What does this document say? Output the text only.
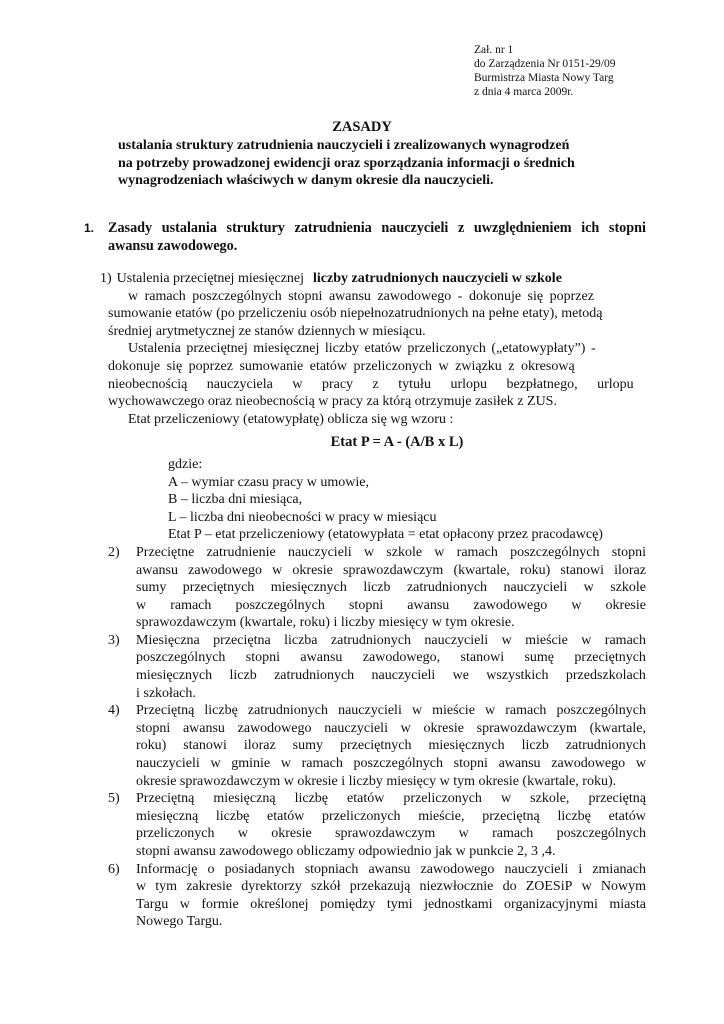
Zał. nr 1
do Zarządzenia Nr 0151-29/09
Burmistrza Miasta Nowy Targ
z dnia 4 marca 2009r.
ZASADY
ustalania struktury zatrudnienia nauczycieli i zrealizowanych wynagrodzeń
na potrzeby prowadzonej ewidencji oraz sporządzania informacji o średnich
wynagrodzeniach właściwych w danym okresie dla nauczycieli.
1. Zasady ustalania struktury zatrudnienia nauczycieli z uwzględnieniem ich stopni awansu zawodowego.
1) Ustalenia przeciętnej miesięcznej liczby zatrudnionych nauczycieli w szkole
w ramach poszczególnych stopni awansu zawodowego - dokonuje się poprzez
sumowanie etatów (po przeliczeniu osób niepełnozatrudnionych na pełne etaty), metodą
średniej arytmetycznej ze stanów dziennych w miesiącu.
Ustalenia przeciętnej miesięcznej liczby etatów przeliczonych („etatowypłaty”) -
dokonuje się poprzez sumowanie etatów przeliczonych w związku z okresową
nieobecnością nauczyciela w pracy z tytułu urlopu bezpłatnego, urlopu
wychowawczego oraz nieobecnością w pracy za którą otrzymuje zasiłek z ZUS.
Etat przeliczeniowy (etatowypłatę) oblicza się wg wzoru :
Etat P = A - (A/B x L)
gdzie:
A – wymiar czasu pracy w umowie,
B – liczba dni miesiąca,
L – liczba dni nieobecności w pracy w miesiącu
Etat P – etat przeliczeniowy (etatowypłata = etat opłacony przez pracodawcę)
2) Przeciętne zatrudnienie nauczycieli w szkole w ramach poszczególnych stopni
awansu zawodowego w okresie sprawozdawczym (kwartale, roku) stanowi iloraz
sumy przeciętnych miesięcznych liczb zatrudnionych nauczycieli w szkole
w ramach poszczególnych stopni awansu zawodowego w okresie
sprawozdawczym (kwartale, roku) i liczby miesięcy w tym okresie.
3) Miesięczna przeciętna liczba zatrudnionych nauczycieli w mieście w ramach
poszczególnych stopni awansu zawodowego, stanowi sumę przeciętnych
miesięcznych liczb zatrudnionych nauczycieli we wszystkich przedszkolach
i szkołach.
4) Przeciętną liczbę zatrudnionych nauczycieli w mieście w ramach poszczególnych
stopni awansu zawodowego nauczycieli w okresie sprawozdawczym (kwartale,
roku) stanowi iloraz sumy przeciętnych miesięcznych liczb zatrudnionych
nauczycieli w gminie w ramach poszczególnych stopni awansu zawodowego w
okresie sprawozdawczym w okresie i liczby miesięcy w tym okresie (kwartale, roku).
5) Przeciętną miesięczną liczbę etatów przeliczonych w szkole, przeciętną
miesięczną liczbę etatów przeliczonych mieście, przeciętną liczbę etatów
przeliczonych w okresie sprawozdawczym w ramach poszczególnych
stopni awansu zawodowego obliczamy odpowiednio jak w punkcie 2, 3 ,4.
6) Informację o posiadanych stopniach awansu zawodowego nauczycieli i zmianach
w tym zakresie dyrektorzy szkół przekazują niezwłocznie do ZOESiP w Nowym
Targu w formie określonej pomiędzy tymi jednostkami organizacyjnymi miasta
Nowego Targu.
